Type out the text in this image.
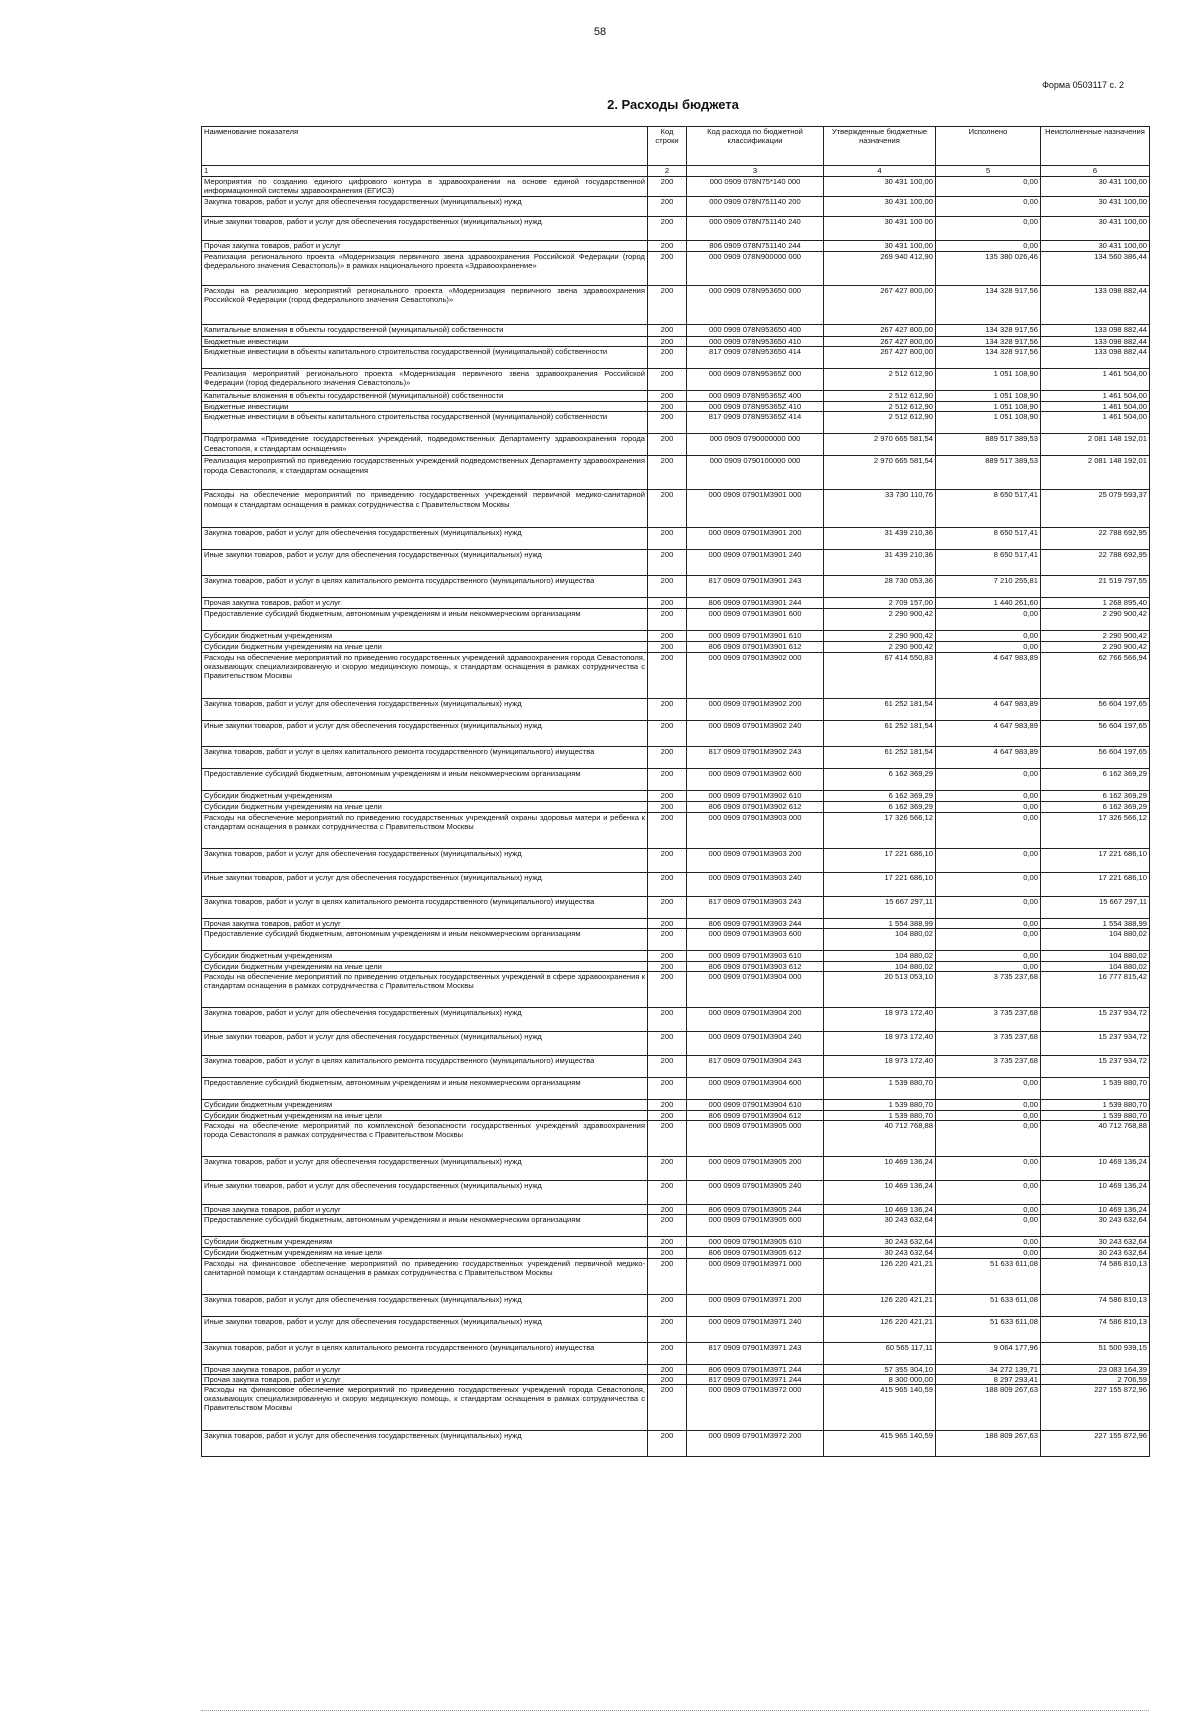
58
Форма 0503117 с. 2
2. Расходы бюджета
Наименование показателя	Код строки	Код расхода по бюджетной классификации	Утвержденные бюджетные назначения	Исполнено	Неисполненные назначения
1	2	3	4	5	6
Мероприятия по созданию единого цифрового контура в здравоохранении на основе единой государственной информационной системы здравоохранения (ЕГИСЗ)	200	000 0909 078N75*140 000	30 431 100,00	0,00	30 431 100,00
Закупка товаров, работ и услуг для обеспечения государственных (муниципальных) нужд	200	000 0909 078N751140 200	30 431 100,00	0,00	30 431 100,00
Иные закупки товаров, работ и услуг для обеспечения государственных (муниципальных) нужд	200	000 0909 078N751140 240	30 431 100 00	0,00	30 431 100,00
Прочая закупка товаров, работ и услуг	200	806 0909 078N751140 244	30 431 100,00	0,00	30 431 100,00
Реализация регионального проекта «Модернизация первичного звена здравоохранения Российской Федерации (город федерального значения Севастополь)» в рамках национального проекта «Здравоохранение»	200	000 0909 078N900000 000	269 940 412,90	135 380 026,46	134 560 386,44
Расходы на реализацию мероприятий регионального проекта «Модернизация первичного звена здравоохранения Российской Федерации (город федерального значения Севастополь)»	200	000 0909 078N953650 000	267 427 800,00	134 328 917,56	133 098 882,44
Капитальные вложения в объекты государственной (муниципальной) собственности	200	000 0909 078N953650 400	267 427 800,00	134 328 917,56	133 098 882,44
Бюджетные инвестиции	200	000 0909 078N953650 410	267 427 800,00	134 328 917,56	133 098 882,44
Бюджетные инвестиции в объекты капитального строительства государственной (муниципальной) собственности	200	817 0909 078N953650 414	267 427 800,00	134 328 917,56	133 098 882,44
Реализация мероприятий регионального проекта «Модернизация первичного звена здравоохранения Российской Федерации (город федерального значения Севастополь)»	200	000 0909 078N95365Z 000	2 512 612,90	1 051 108,90	1 461 504,00
Капитальные вложения в объекты государственной (муниципальной) собственности	200	000 0909 078N95365Z 400	2 512 612,90	1 051 108,90	1 461 504,00
Бюджетные инвестиции	200	000 0909 078N95365Z 410	2 512 612,90	1 051 108,90	1 461 504,00
Бюджетные инвестиции в объекты капитального строительства государственной (муниципальной) собственности	200	817 0909 078N95365Z 414	2 512 612,90	1 051 108,90	1 461 504,00
Подпрограмма «Приведение государственных учреждений, подведомственных Департаменту здравоохранения города Севастополя, к стандартам оснащения»	200	000 0909 0790000000 000	2 970 665 581,54	889 517 389,53	2 081 148 192,01
Реализация мероприятий по приведению государственных учреждений подведомственных Департаменту здравоохранения города Севастополя, к стандартам оснащения	200	000 0909 0790100000 000	2 970 665 581,54	889 517 389,53	2 081 148 192,01
Расходы на обеспечение мероприятий по приведению государственных учреждений первичной медико-санитарной помощи к стандартам оснащения в рамках сотрудничества с Правительством Москвы	200	000 0909 07901M3901 000	33 730 110,76	8 650 517,41	25 079 593,37
Закупка товаров, работ и услуг для обеспечения государственных (муниципальных) нужд	200	000 0909 07901M3901 200	31 439 210,36	8 650 517,41	22 788 692,95
Иные закупки товаров, работ и услуг для обеспечения государственных (муниципальных) нужд	200	000 0909 07901M3901 240	31 439 210,36	8 650 517,41	22 788 692,95
Закупка товаров, работ и услуг в целях капитального ремонта государственного (муниципального) имущества	200	817 0909 07901M3901 243	28 730 053,36	7 210 255,81	21 519 797,55
Прочая закупка товаров, работ и услуг	200	806 0909 07901M3901 244	2 709 157,00	1 440 261,60	1 268 895,40
Предоставление субсидий бюджетным, автономным учреждениям и иным некоммерческим организациям	200	000 0909 07901M3901 600	2 290 900,42	0,00	2 290 900,42
Субсидии бюджетным учреждениям	200	000 0909 07901M3901 610	2 290 900,42	0,00	2 290 900,42
Субсидии бюджетным учреждениям на иные цели	200	806 0909 07901M3901 612	2 290 900,42	0,00	2 290 900,42
Расходы на обеспечение мероприятий по приведению государственных учреждений здравоохранения города Севастополя, оказывающих специализированную и скорую медицинскую помощь, к стандартам оснащения в рамках сотрудничества с Правительством Москвы	200	000 0909 07901M3902 000	67 414 550,83	4 647 983,89	62 766 566,94
Закупка товаров, работ и услуг для обеспечения государственных (муниципальных) нужд	200	000 0909 07901M3902 200	61 252 181,54	4 647 983,89	56 604 197,65
Иные закупки товаров, работ и услуг для обеспечения государственных (муниципальных) нужд	200	000 0909 07901M3902 240	61 252 181,54	4 647 983,89	56 604 197,65
Закупка товаров, работ и услуг в целях капитального ремонта государственного (муниципального) имущества	200	817 0909 07901M3902 243	61 252 181,54	4 647 983,89	56 604 197,65
Предоставление субсидий бюджетным, автономным учреждениям и иным некоммерческим организациям	200	000 0909 07901M3902 600	6 162 369,29	0,00	6 162 369,29
Субсидии бюджетным учреждениям	200	000 0909 07901M3902 610	6 162 369,29	0,00	6 162 369,29
Субсидии бюджетным учреждениям на иные цели	200	806 0909 07901M3902 612	6 162 369,29	0,00	6 162 369,29
Расходы на обеспечение мероприятий по приведению государственных учреждений охраны здоровья матери и ребенка к стандартам оснащения в рамках сотрудничества с Правительством Москвы	200	000 0909 07901M3903 000	17 326 566,12	0,00	17 326 566,12
Закупка товаров, работ и услуг для обеспечения государственных (муниципальных) нужд	200	000 0909 07901M3903 200	17 221 686,10	0,00	17 221 686,10
Иные закупки товаров, работ и услуг для обеспечения государственных (муниципальных) нужд	200	000 0909 07901M3903 240	17 221 686,10	0,00	17 221 686,10
Закупка товаров, работ и услуг в целях капитального ремонта государственного (муниципального) имущества	200	817 0909 07901M3903 243	15 667 297,11	0,00	15 667 297,11
Прочая закупка товаров, работ и услуг	200	806 0909 07901M3903 244	1 554 388,99	0,00	1 554 388,99
Предоставление субсидий бюджетным, автономным учреждениям и иным некоммерческим организациям	200	000 0909 07901M3903 600	104 880,02	0,00	104 880,02
Субсидии бюджетным учреждениям	200	000 0909 07901M3903 610	104 880,02	0,00	104 880,02
Субсидии бюджетным учреждениям на иные цели	200	806 0909 07901M3903 612	104 880,02	0,00	104 880,02
Расходы на обеспечение мероприятий по приведению отдельных государственных учреждений в сфере здравоохранения к стандартам оснащения в рамках сотрудничества с Правительством Москвы	200	000 0909 07901M3904 000	20 513 053,10	3 735 237,68	16 777 815,42
Закупка товаров, работ и услуг для обеспечения государственных (муниципальных) нужд	200	000 0909 07901M3904 200	18 973 172,40	3 735 237,68	15 237 934,72
Иные закупки товаров, работ и услуг для обеспечения государственных (муниципальных) нужд	200	000 0909 07901M3904 240	18 973 172,40	3 735 237,68	15 237 934,72
Закупка товаров, работ и услуг в целях капитального ремонта государственного (муниципального) имущества	200	817 0909 07901M3904 243	18 973 172,40	3 735 237,68	15 237 934,72
Предоставление субсидий бюджетным, автономным учреждениям и иным некоммерческим организациям	200	000 0909 07901M3904 600	1 539 880,70	0,00	1 539 880,70
Субсидии бюджетным учреждениям	200	000 0909 07901M3904 610	1 539 880,70	0,00	1 539 880,70
Субсидии бюджетным учреждениям на иные цели	200	806 0909 07901M3904 612	1 539 880,70	0,00	1 539 880,70
Расходы на обеспечение мероприятий по комплексной безопасности государственных учреждений здравоохранения города Севастополя в рамках сотрудничества с Правительством Москвы	200	000 0909 07901M3905 000	40 712 768,88	0,00	40 712 768,88
Закупка товаров, работ и услуг для обеспечения государственных (муниципальных) нужд	200	000 0909 07901M3905 200	10 469 136,24	0,00	10 469 136,24
Иные закупки товаров, работ и услуг для обеспечения государственных (муниципальных) нужд	200	000 0909 07901M3905 240	10 469 136,24	0,00	10 469 136,24
Прочая закупка товаров, работ и услуг	200	806 0909 07901M3905 244	10 469 136,24	0,00	10 469 136,24
Предоставление субсидий бюджетным, автономным учреждениям и иным некоммерческим организациям	200	000 0909 07901M3905 600	30 243 632,64	0,00	30 243 632,64
Субсидии бюджетным учреждениям	200	000 0909 07901M3905 610	30 243 632,64	0,00	30 243 632,64
Субсидии бюджетным учреждениям на иные цели	200	806 0909 07901M3905 612	30 243 632,64	0,00	30 243 632,64
Расходы на финансовое обеспечение мероприятий по приведению государственных учреждений первичной медико-санитарной помощи к стандартам оснащения в рамках сотрудничества с Правительством Москвы	200	000 0909 07901M3971 000	126 220 421,21	51 633 611,08	74 586 810,13
Закупка товаров, работ и услуг для обеспечения государственных (муниципальных) нужд	200	000 0909 07901M3971 200	126 220 421,21	51 633 611,08	74 586 810,13
Иные закупки товаров, работ и услуг для обеспечения государственных (муниципальных) нужд	200	000 0909 07901M3971 240	126 220 421,21	51 633 611,08	74 586 810,13
Закупка товаров, работ и услуг в целях капитального ремонта государственного (муниципального) имущества	200	817 0909 07901M3971 243	60 565 117,11	9 064 177,96	51 500 939,15
Прочая закупка товаров, работ и услуг	200	806 0909 07901M3971 244	57 355 304,10	34 272 139,71	23 083 164,39
Прочая закупка товаров, работ и услуг	200	817 0909 07901M3971 244	8 300 000,00	8 297 293,41	2 706,59
Расходы на финансовое обеспечение мероприятий по приведению государственных учреждений города Севастополя, оказывающих специализированную и скорую медицинскую помощь, к стандартам оснащения в рамках сотрудничества с Правительством Москвы	200	000 0909 07901M3972 000	415 965 140,59	188 809 267,63	227 155 872,96
Закупка товаров, работ и услуг для обеспечения государственных (муниципальных) нужд	200	000 0909 07901M3972 200	415 965 140,59	188 809 267,63	227 155 872,96
